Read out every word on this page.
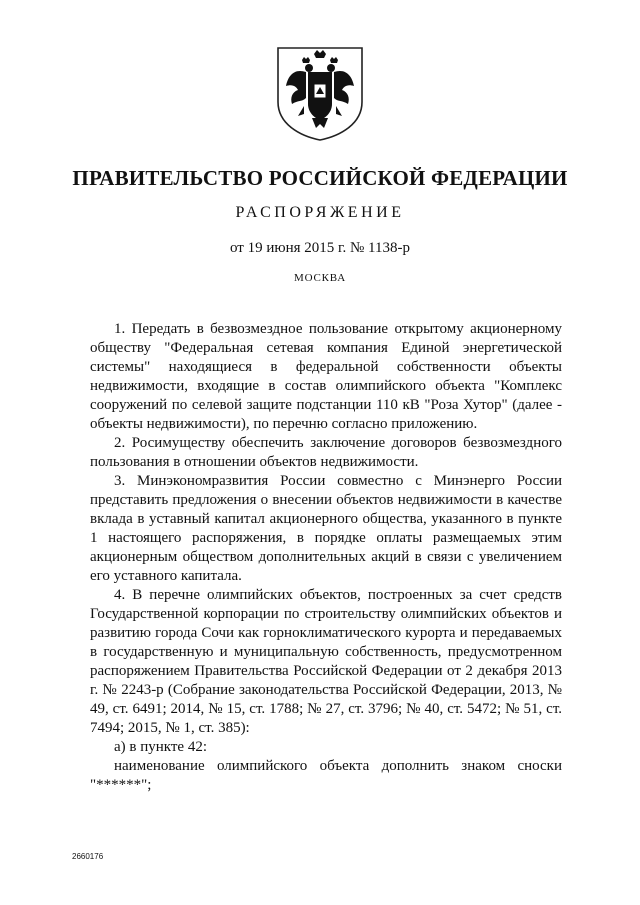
ПРАВИТЕЛЬСТВО РОССИЙСКОЙ ФЕДЕРАЦИИ
РАСПОРЯЖЕНИЕ
от 19 июня 2015 г. № 1138-р
МОСКВА

1. Передать в безвозмездное пользование открытому акционерному обществу "Федеральная сетевая компания Единой энергетической системы" находящиеся в федеральной собственности объекты недвижимости, входящие в состав олимпийского объекта "Комплекс сооружений по селевой защите подстанции 110 кВ "Роза Хутор" (далее - объекты недвижимости), по перечню согласно приложению.

2. Росимуществу обеспечить заключение договоров безвозмездного пользования в отношении объектов недвижимости.

3. Минэкономразвития России совместно с Минэнерго России представить предложения о внесении объектов недвижимости в качестве вклада в уставный капитал акционерного общества, указанного в пункте 1 настоящего распоряжения, в порядке оплаты размещаемых этим акционерным обществом дополнительных акций в связи с увеличением его уставного капитала.

4. В перечне олимпийских объектов, построенных за счет средств Государственной корпорации по строительству олимпийских объектов и развитию города Сочи как горноклиматического курорта и передаваемых в государственную и муниципальную собственность, предусмотренном распоряжением Правительства Российской Федерации от 2 декабря 2013 г. № 2243-р (Собрание законодательства Российской Федерации, 2013, № 49, ст. 6491; 2014, № 15, ст. 1788; № 27, ст. 3796; № 40, ст. 5472; № 51, ст. 7494; 2015, № 1, ст. 385):

а) в пункте 42:

наименование олимпийского объекта дополнить знаком сноски "******";

2660176
